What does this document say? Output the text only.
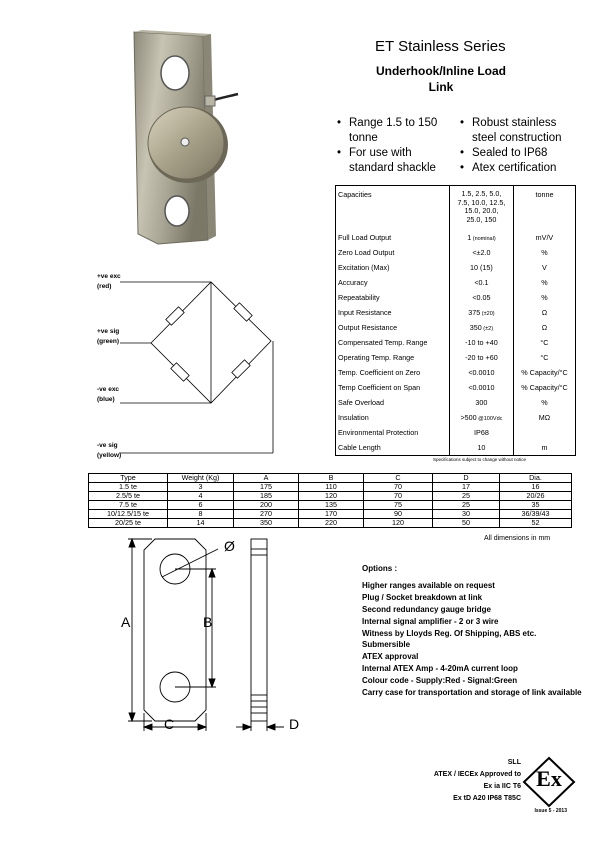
ET Stainless Series
Underhook/Inline Load
Link
• Range 1.5 to 150
tonne
• For use with
standard shackle
• Robust stainless
steel construction
• Sealed to IP68
• Atex certification
Capacities	1.5, 2.5, 5.0,
7.5, 10.0, 12.5,
15.0, 20.0,
25.0, 150	tonne
Full Load Output	1 (nominal)	mV/V
Zero Load Output	<±2.0	%
Excitation (Max)	10 (15)	V
Accuracy	<0.1	%
Repeatability	<0.05	%
Input Resistance	375 (±20)	Ω
Output Resistance	350 (±2)	Ω
Compensated Temp. Range	-10 to +40	°C
Operating Temp. Range	-20 to +60	°C
Temp. Coefficient on Zero	<0.0010	% Capacity/°C
Temp Coefficient on Span	<0.0010	% Capacity/°C
Safe Overload	300	%
Insulation	>500 @100Vdc	MΩ
Environmental Protection	IP68	
Cable Length	10	m
Specifications subject to change without notice
+ve exc
(red)
+ve sig
(green)
-ve exc
(blue)
-ve sig
(yellow)
Type	Weight (Kg)	A	B	C	D	Dia.
1.5 te	3	175	110	70	17	16
2.5/5 te	4	185	120	70	25	20/26
7.5 te	6	200	135	75	25	35
10/12.5/15 te	8	270	170	90	30	36/39/43
20/25 te	14	350	220	120	50	52
All dimensions in mm
A	B
C	D
Ø
Options :
Higher ranges available on request
Plug / Socket breakdown at link
Second redundancy gauge bridge
Internal signal amplifier - 2 or 3 wire
Witness by Lloyds Reg. Of Shipping, ABS etc.
Submersible
ATEX approval
Internal ATEX Amp - 4-20mA current loop
Colour code - Supply:Red - Signal:Green
Carry case for transportation and storage of link available
SLL
ATEX / IECEx Approved to
Ex ia IIC T6
Ex tD A20 IP68 T85C
Ex
Issue 5 - 2013
